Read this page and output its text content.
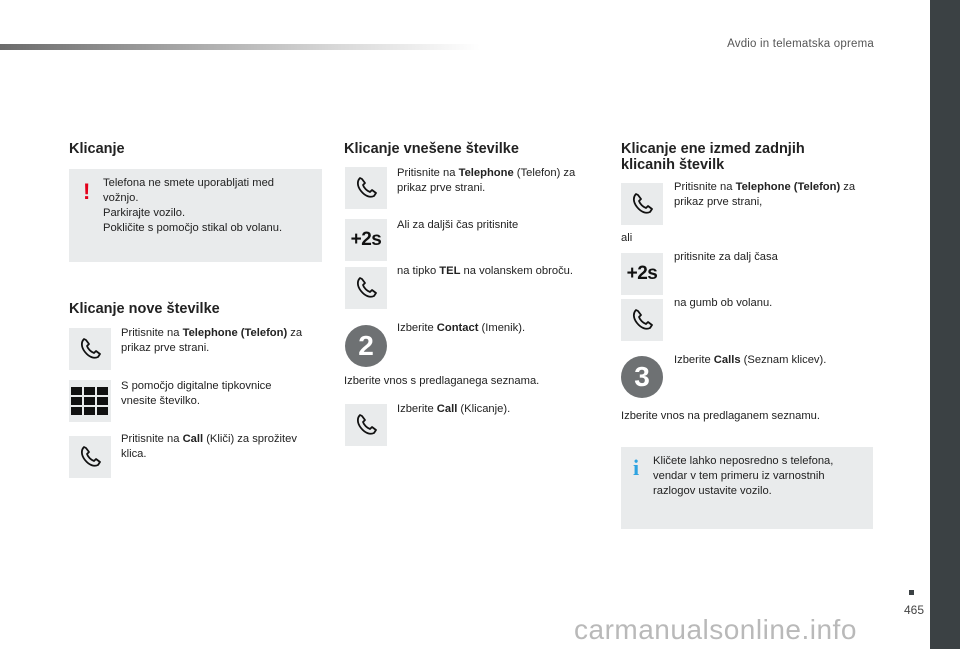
Avdio in telematska oprema
465
Klicanje
! Telefona ne smete uporabljati med
vožnjo.
Parkirajte vozilo.
Pokličite s pomočjo stikal ob volanu.
Klicanje nove številke
Pritisnite na Telephone (Telefon) za
prikaz prve strani.
S pomočjo digitalne tipkovnice
vnesite številko.
Pritisnite na Call (Kliči) za sprožitev
klica.
Klicanje vnešene številke
Pritisnite na Telephone (Telefon) za
prikaz prve strani.
+2s
Ali za daljši čas pritisnite
na tipko TEL na volanskem obroču.
2
Izberite Contact (Imenik).
Izberite vnos s predlaganega seznama.
Izberite Call (Klicanje).
Klicanje ene izmed zadnjih
klicanih številk
Pritisnite na Telephone (Telefon) za
prikaz prve strani,
ali
+2s
pritisnite za dalj časa
na gumb ob volanu.
3
Izberite Calls (Seznam klicev).
Izberite vnos na predlaganem seznamu.
i Kličete lahko neposredno s telefona,
vendar v tem primeru iz varnostnih
razlogov ustavite vozilo.
carmanualsonline.info
